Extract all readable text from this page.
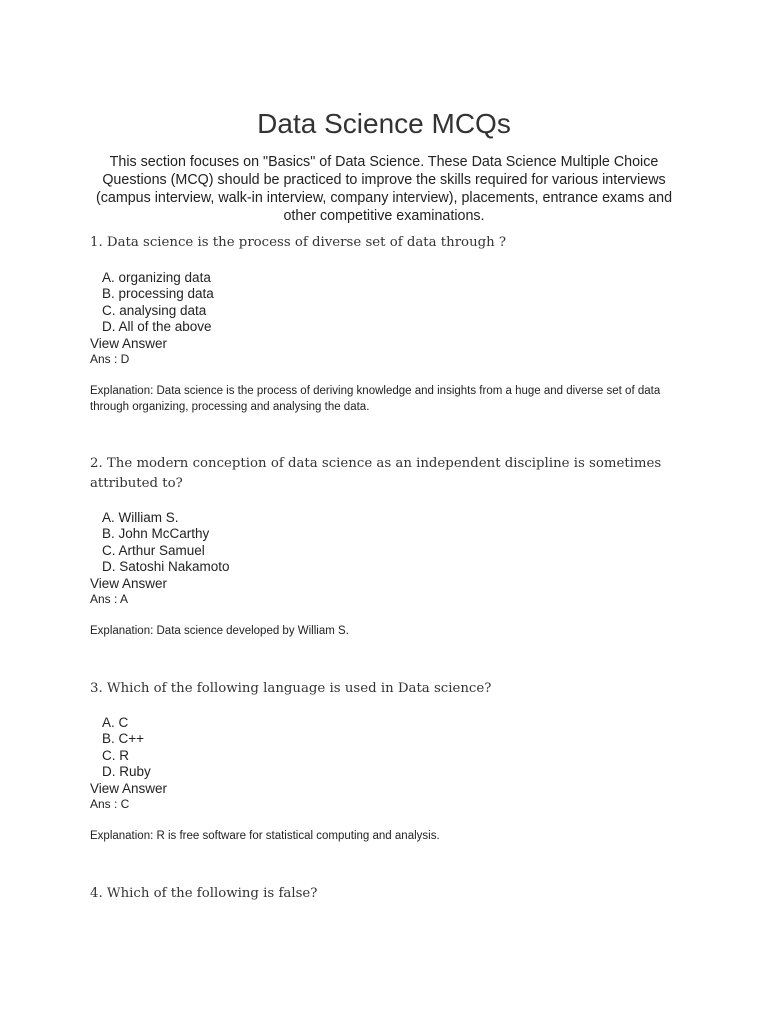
Data Science MCQs

This section focuses on "Basics" of Data Science. These Data Science Multiple Choice Questions (MCQ) should be practiced to improve the skills required for various interviews (campus interview, walk-in interview, company interview), placements, entrance exams and other competitive examinations.

1. Data science is the process of diverse set of data through ?

A. organizing data
B. processing data
C. analysing data
D. All of the above

View Answer

Ans : D

Explanation: Data science is the process of deriving knowledge and insights from a huge and diverse set of data through organizing, processing and analysing the data.

2. The modern conception of data science as an independent discipline is sometimes attributed to?

A. William S.
B. John McCarthy
C. Arthur Samuel
D. Satoshi Nakamoto

View Answer

Ans : A

Explanation: Data science developed by William S.

3. Which of the following language is used in Data science?

A. C
B. C++
C. R
D. Ruby

View Answer

Ans : C

Explanation: R is free software for statistical computing and analysis.

4. Which of the following is false?
